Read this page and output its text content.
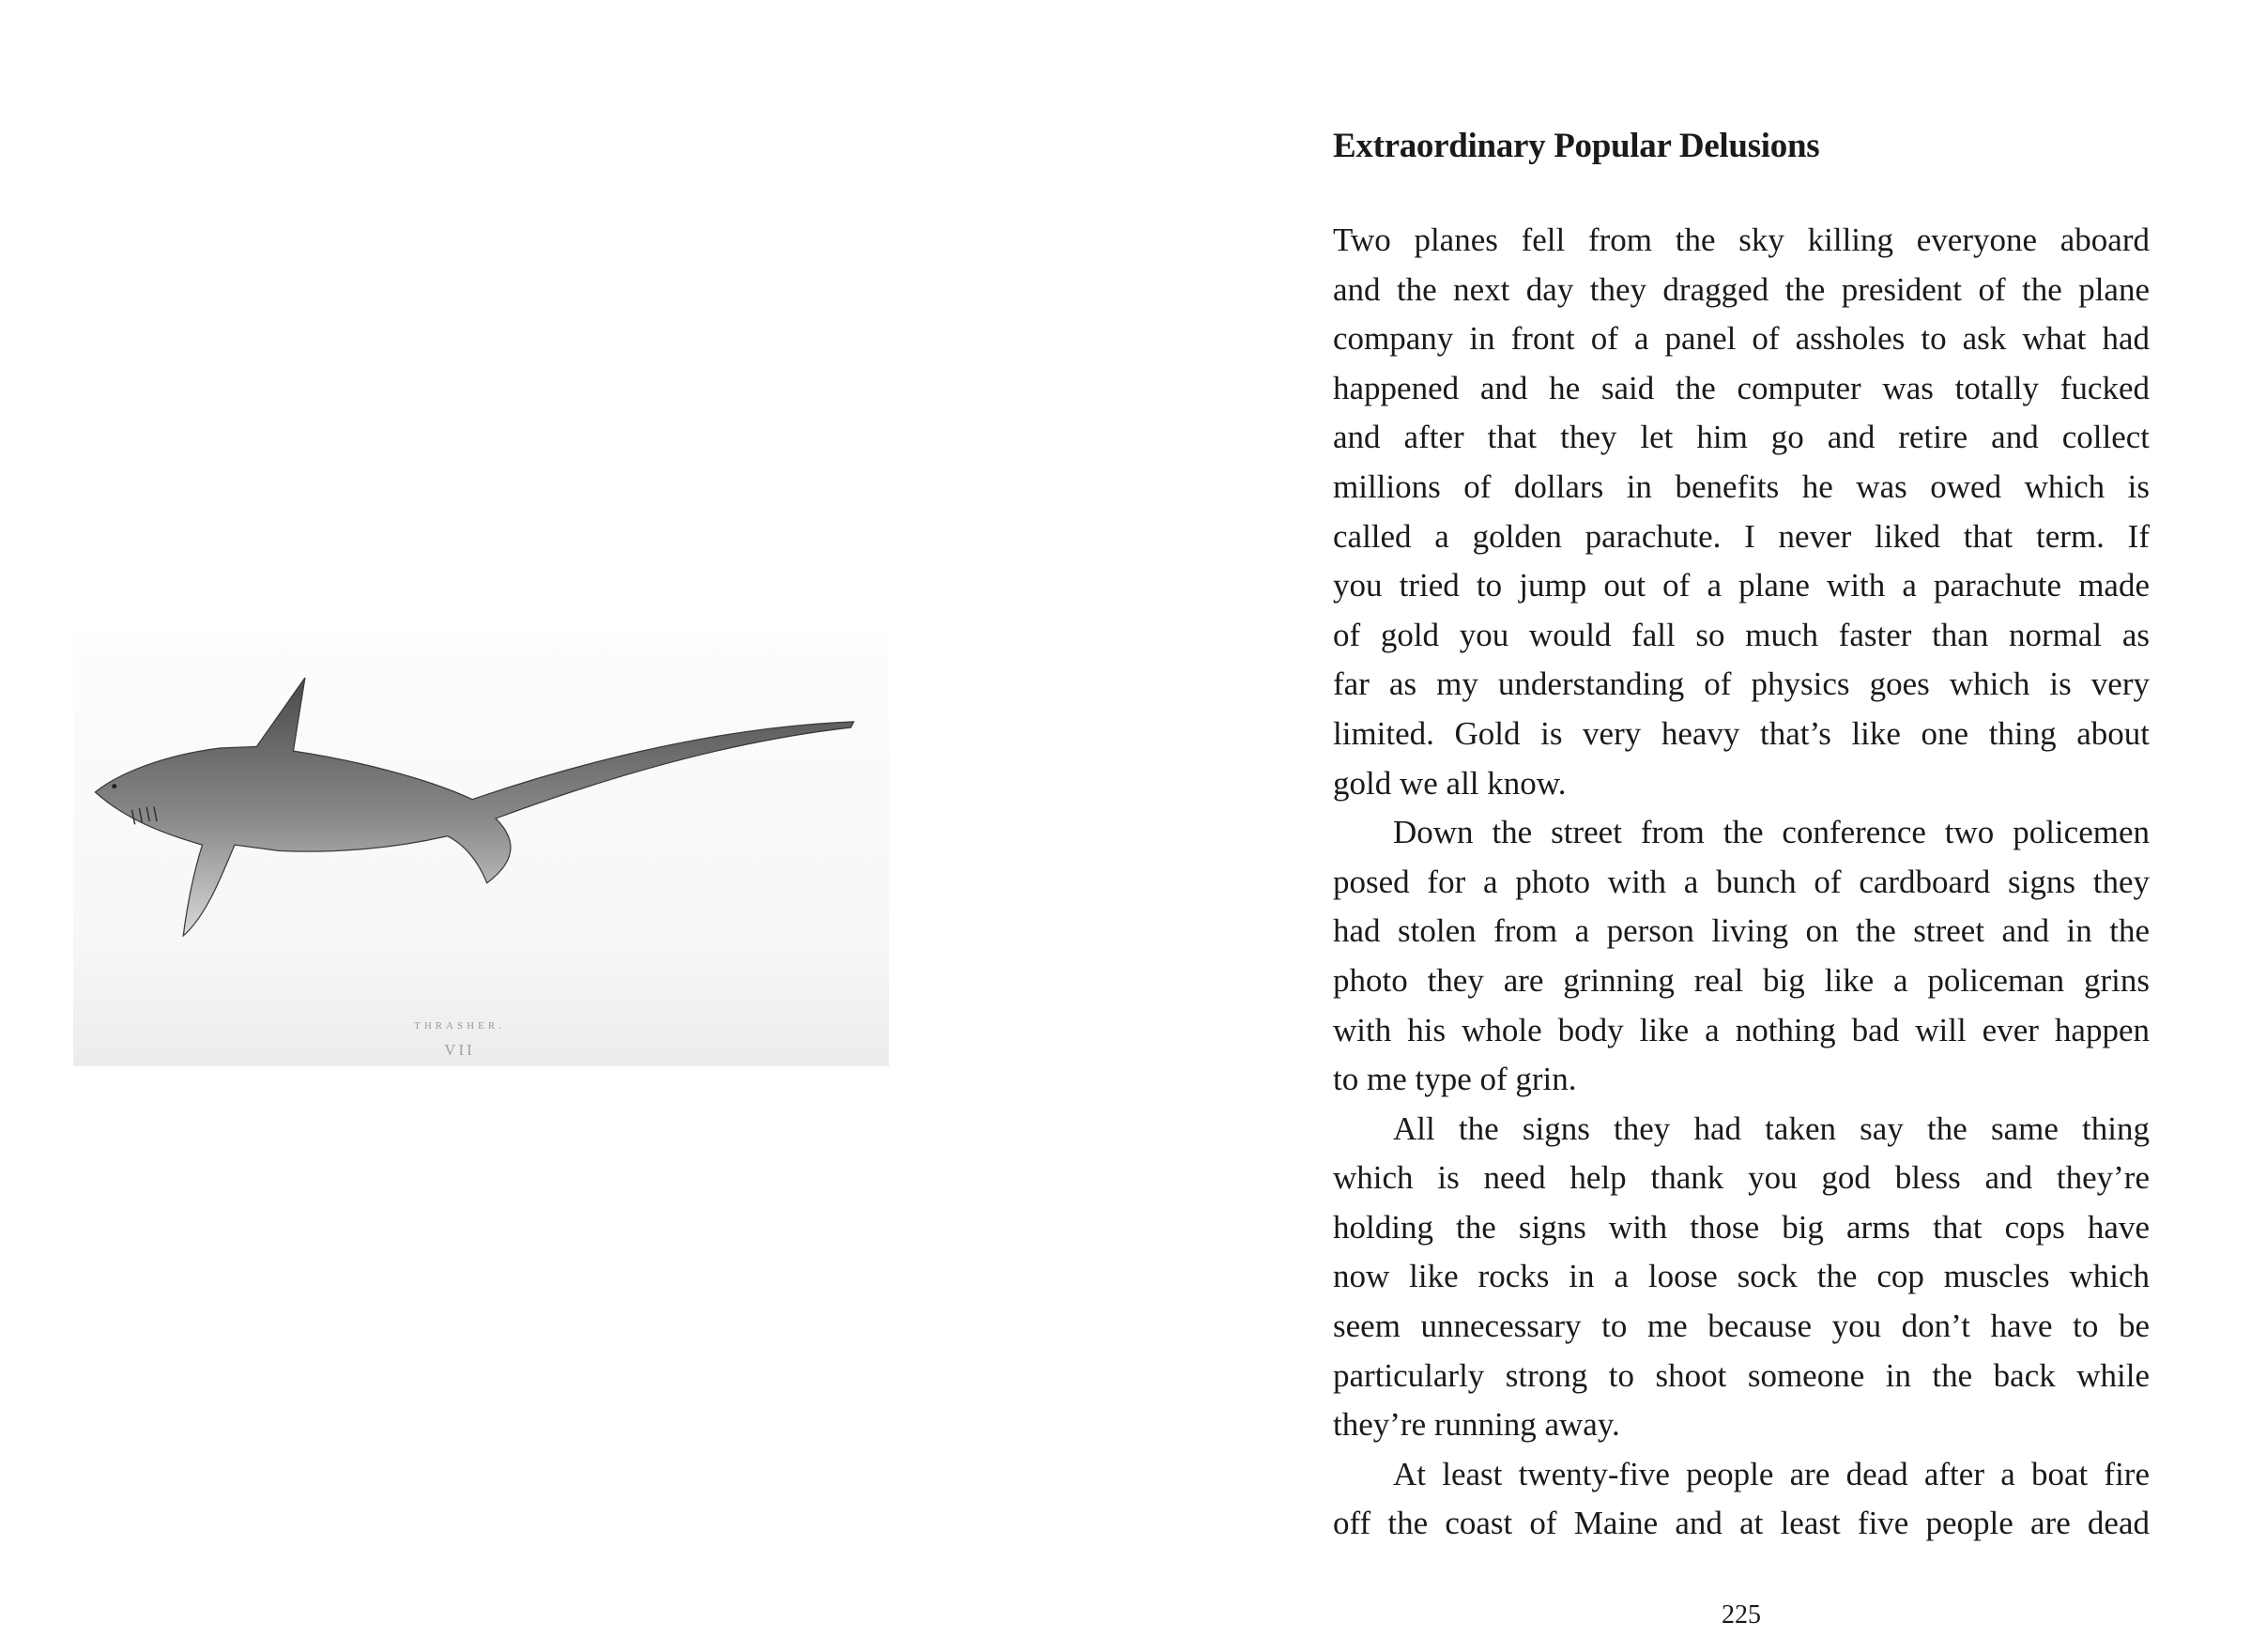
THRASHER.
VII
Extraordinary Popular Delusions
Two planes fell from the sky killing everyone aboard
and the next day they dragged the president of the plane
company in front of a panel of assholes to ask what had
happened and he said the computer was totally fucked
and after that they let him go and retire and collect
millions of dollars in benefits he was owed which is
called a golden parachute. I never liked that term. If
you tried to jump out of a plane with a parachute made
of gold you would fall so much faster than normal as
far as my understanding of physics goes which is very
limited. Gold is very heavy that’s like one thing about
gold we all know.
Down the street from the conference two policemen
posed for a photo with a bunch of cardboard signs they
had stolen from a person living on the street and in the
photo they are grinning real big like a policeman grins
with his whole body like a nothing bad will ever happen
to me type of grin.
All the signs they had taken say the same thing
which is need help thank you god bless and they’re
holding the signs with those big arms that cops have
now like rocks in a loose sock the cop muscles which
seem unnecessary to me because you don’t have to be
particularly strong to shoot someone in the back while
they’re running away.
At least twenty-five people are dead after a boat fire
off the coast of Maine and at least five people are dead
225
